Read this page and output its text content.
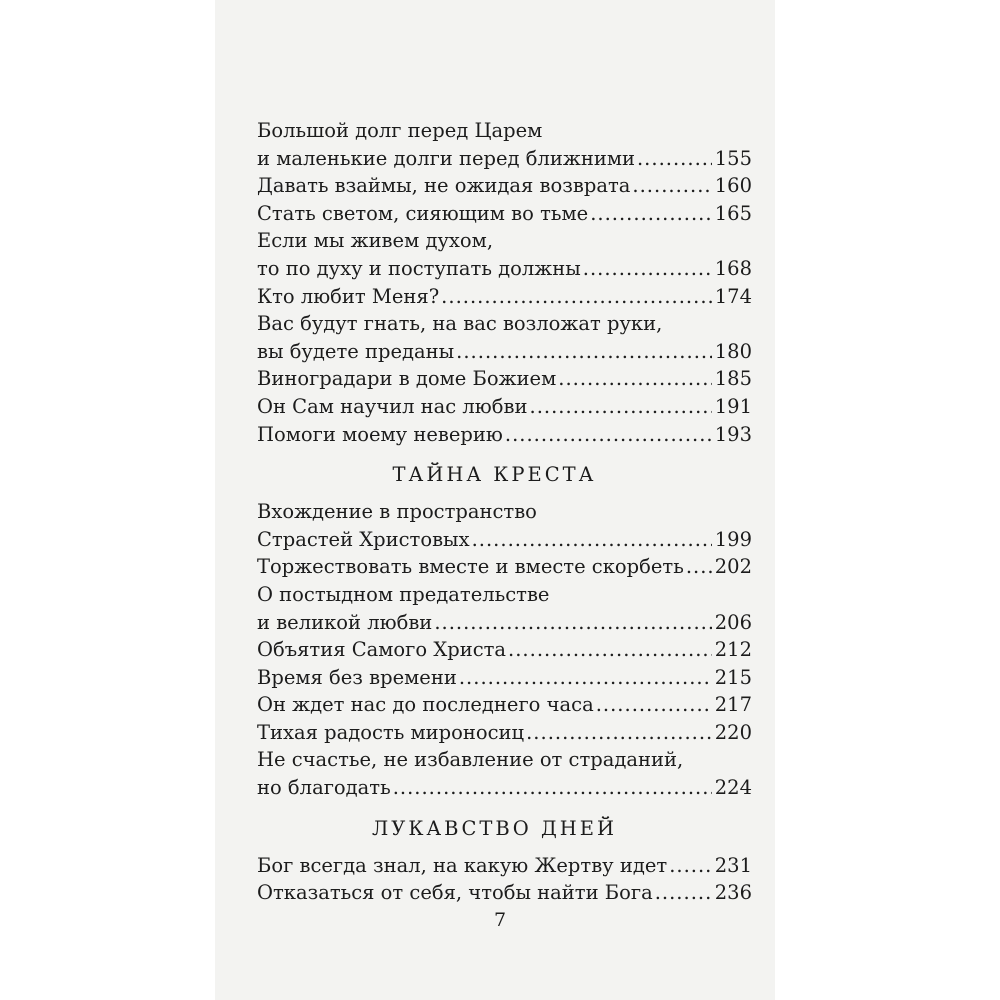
Большой долг перед Царем
и маленькие долги перед ближними .....	155
Давать взаймы, не ожидая возврата .....	160
Стать светом, сияющим во тьме .....	165
Если мы живем духом,
то по духу и поступать должны .....	168
Кто любит Меня? .....	174
Вас будут гнать, на вас возложат руки,
вы будете преданы .....	180
Виноградари в доме Божием .....	185
Он Сам научил нас любви .....	191
Помоги моему неверию .....	193
ТАЙНА КРЕСТА
Вхождение в пространство
Страстей Христовых .....	199
Торжествовать вместе и вместе скорбеть ..... 202
О постыдном предательстве
и великой любви .....	206
Объятия Самого Христа .....	212
Время без времени .....	215
Он ждет нас до последнего часа .....	217
Тихая радость мироносиц .....	220
Не счастье, не избавление от страданий,
но благодать .....	224
ЛУКАВСТВО ДНЕЙ
Бог всегда знал, на какую Жертву идет ..... 231
Отказаться от себя, чтобы найти Бога .....	236
7
